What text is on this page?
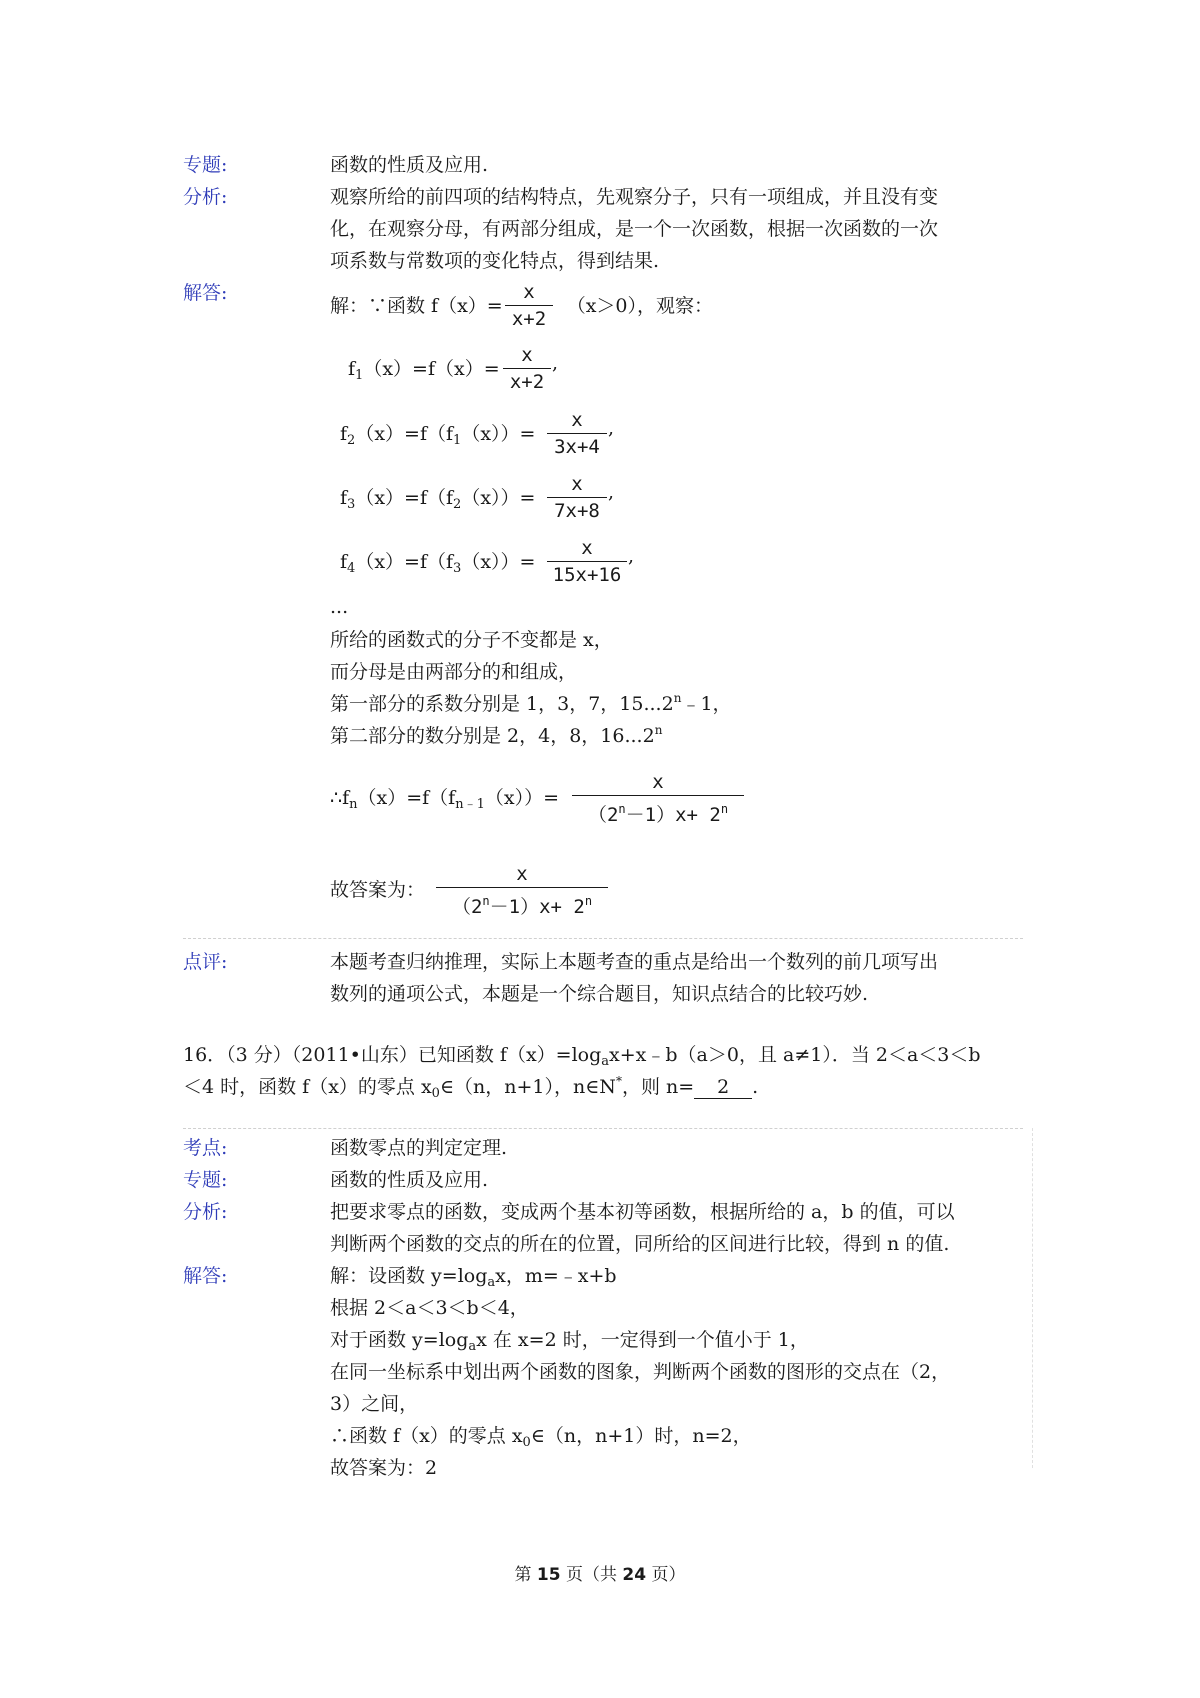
专题:	函数的性质及应用.
分析:	观察所给的前四项的结构特点，先观察分子，只有一项组成，并且没有变
化，在观察分母，有两部分组成，是一个一次函数，根据一次函数的一次
项系数与常数项的变化特点，得到结果.
解答:
解：∵函数 f（x）=	（x＞0），观察：
x
x+2
$f_1(x)=f(x)=$
x
x+2
,
$f_2(x)=f(f_1(x))=$
x
3x+4
,
$f_3(x)=f(f_2(x))=$
x
7x+8
,
$f_4(x)=f(f_3(x))=$
x
15x+16
,
...
所给的函数式的分子不变都是 x，
而分母是由两部分的和组成，
第一部分的系数分别是 1，3，7，15...2$^n$﹣1，
第二部分的数分别是 2，4，8，16...2$^n$
$\therefore f_n(x)=f(f_{n﹣1}(x))=$
x
$(2^n-1)x+ 2^n$
故答案为：
x
$(2^n-1)x+ 2^n$
点评:	本题考查归纳推理，实际上本题考查的重点是给出一个数列的前几项写出
数列的通项公式，本题是一个综合题目，知识点结合的比较巧妙.
16．（3 分）（2011•山东）已知函数 $f(x)=\log_ax+x﹣b(a>0$，且 a≠1）．当 2＜a＜3＜b
＜4 时，函数 f（x）的零点 $x_0\in(n$，n+1），n∈N*，则 n= 2 .
考点:	函数零点的判定定理.
专题:	函数的性质及应用.
分析:	把要求零点的函数，变成两个基本初等函数，根据所给的 a，b 的值，可以
判断两个函数的交点的所在的位置，同所给的区间进行比较，得到 n 的值.
解答:	解：设函数 $y=\log_ax$，m=﹣x+b
根据 2＜a＜3＜b＜4，
对于函数 $y=\log_ax$ 在 x=2 时，一定得到一个值小于 1，
在同一坐标系中划出两个函数的图象，判断两个函数的图形的交点在（2，
3）之间，
∴函数 f（x）的零点 $x_0\in(n$，n+1）时，n=2，
故答案为：2
第 15 页（共 24 页）
